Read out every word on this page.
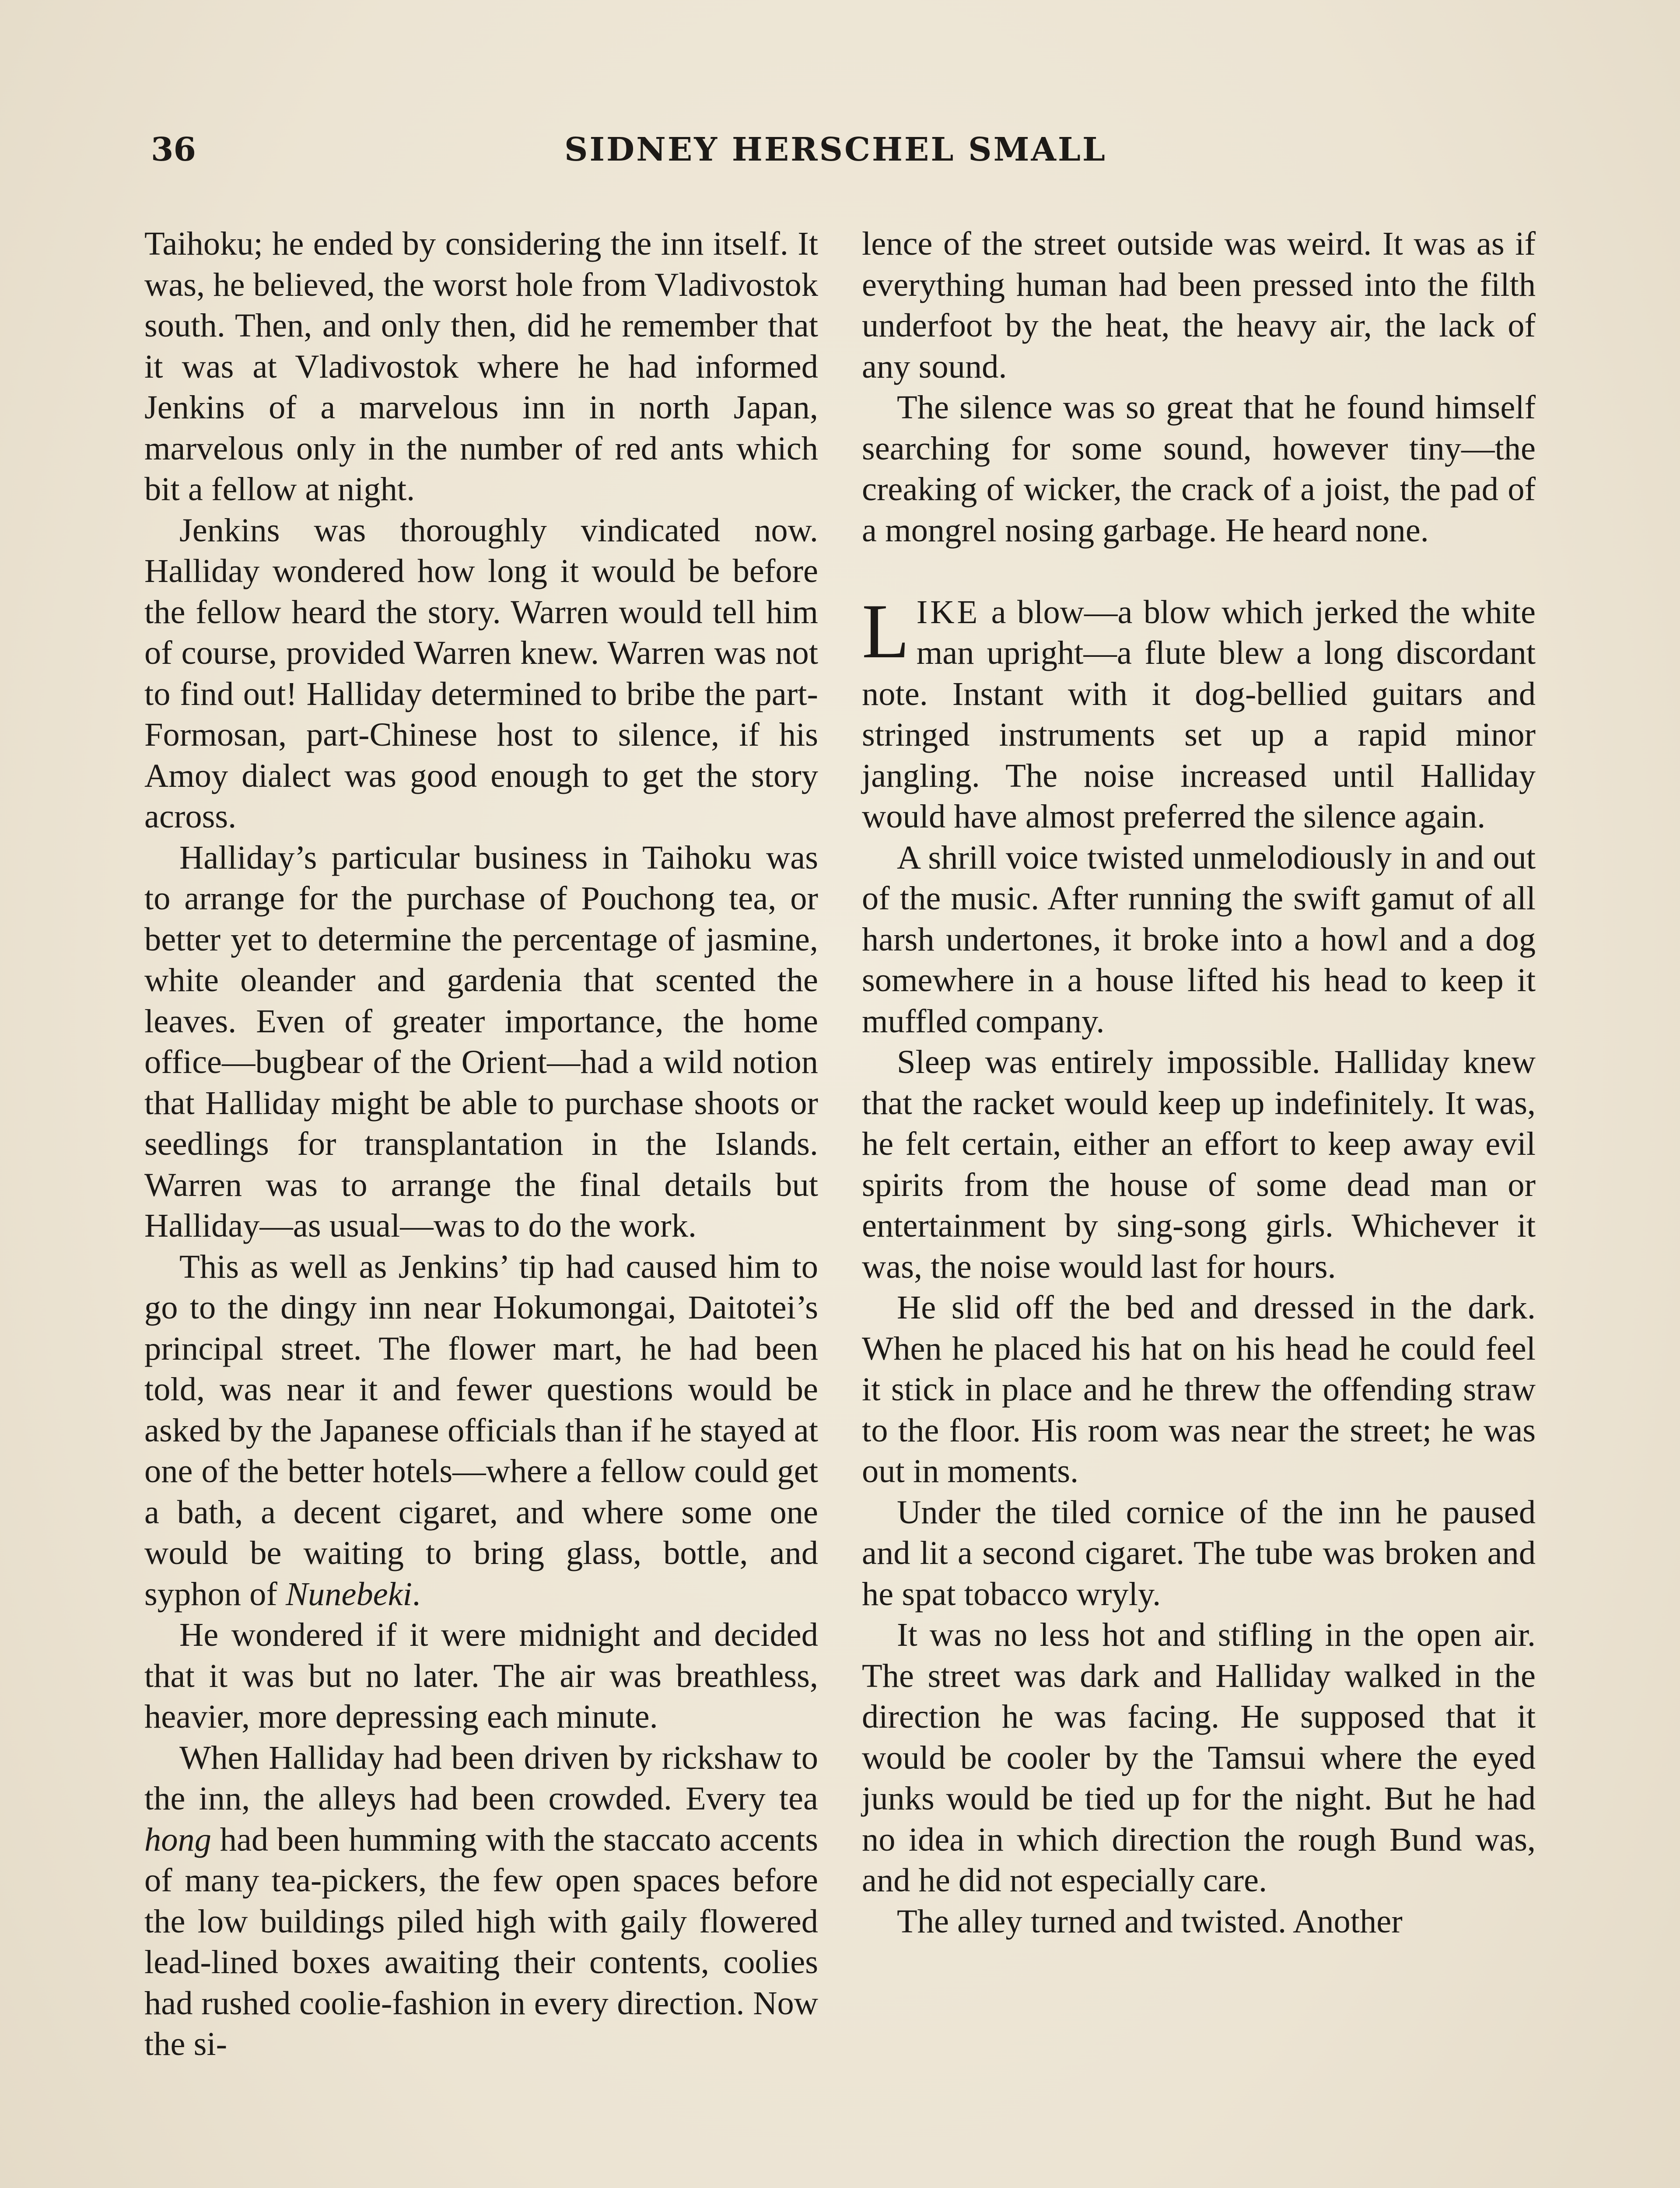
36	SIDNEY HERSCHEL SMALL

Taihoku; he ended by considering the inn itself. It was, he believed, the worst hole from Vladivostok south. Then, and only then, did he remember that it was at Vladivostok where he had informed Jenkins of a marvelous inn in north Japan, marvelous only in the number of red ants which bit a fellow at night.

Jenkins was thoroughly vindicated now. Halliday wondered how long it would be before the fellow heard the story. Warren would tell him of course, provided Warren knew. Warren was not to find out! Halliday determined to bribe the part-Formosan, part-Chinese host to silence, if his Amoy dialect was good enough to get the story across.

Halliday’s particular business in Taihoku was to arrange for the purchase of Pouchong tea, or better yet to determine the percentage of jasmine, white oleander and gardenia that scented the leaves. Even of greater importance, the home office—bugbear of the Orient—had a wild notion that Halliday might be able to purchase shoots or seedlings for transplantation in the Islands. Warren was to arrange the final details but Halliday—as usual—was to do the work.

This as well as Jenkins’ tip had caused him to go to the dingy inn near Hokumongai, Daitotei’s principal street. The flower mart, he had been told, was near it and fewer questions would be asked by the Japanese officials than if he stayed at one of the better hotels—where a fellow could get a bath, a decent cigaret, and where some one would be waiting to bring glass, bottle, and syphon of Nunebeki.

He wondered if it were midnight and decided that it was but no later. The air was breathless, heavier, more depressing each minute.

When Halliday had been driven by rickshaw to the inn, the alleys had been crowded. Every tea hong had been humming with the staccato accents of many tea-pickers, the few open spaces before the low buildings piled high with gaily flowered lead-lined boxes awaiting their contents, coolies had rushed coolie-fashion in every direction. Now the si-

lence of the street outside was weird. It was as if everything human had been pressed into the filth underfoot by the heat, the heavy air, the lack of any sound.

The silence was so great that he found himself searching for some sound, however tiny—the creaking of wicker, the crack of a joist, the pad of a mongrel nosing garbage. He heard none.

LIKE a blow—a blow which jerked the white man upright—a flute blew a long discordant note. Instant with it dog-bellied guitars and stringed instruments set up a rapid minor jangling. The noise increased until Halliday would have almost preferred the silence again.

A shrill voice twisted unmelodiously in and out of the music. After running the swift gamut of all harsh undertones, it broke into a howl and a dog somewhere in a house lifted his head to keep it muffled company.

Sleep was entirely impossible. Halliday knew that the racket would keep up indefinitely. It was, he felt certain, either an effort to keep away evil spirits from the house of some dead man or entertainment by sing-song girls. Whichever it was, the noise would last for hours.

He slid off the bed and dressed in the dark. When he placed his hat on his head he could feel it stick in place and he threw the offending straw to the floor. His room was near the street; he was out in moments.

Under the tiled cornice of the inn he paused and lit a second cigaret. The tube was broken and he spat tobacco wryly.

It was no less hot and stifling in the open air. The street was dark and Halliday walked in the direction he was facing. He supposed that it would be cooler by the Tamsui where the eyed junks would be tied up for the night. But he had no idea in which direction the rough Bund was, and he did not especially care.

The alley turned and twisted. Another
